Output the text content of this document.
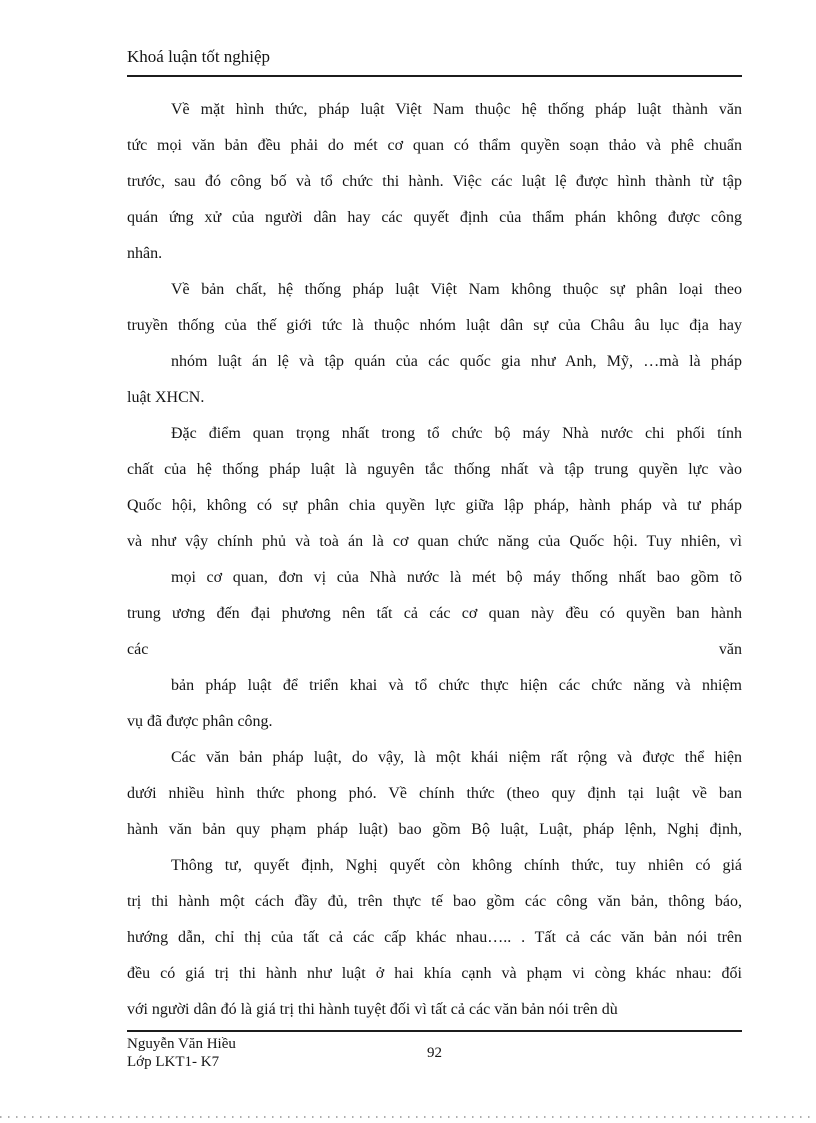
Khoá luận tốt nghiệp
Về mặt hình thức, pháp luật Việt Nam thuộc hệ thống pháp luật thành văn
tức mọi văn bản đều phải do mét cơ quan có thẩm quyền soạn thảo và phê chuẩn
trước, sau đó công bố và tổ chức thi hành. Việc các luật lệ được hình thành từ tập
quán ứng xử của người dân hay các quyết định của thẩm phán không được công
nhân.
Về bản chất, hệ thống pháp luật Việt Nam không thuộc sự phân loại theo
truyền thống của thế giới tức là thuộc nhóm luật dân sự của Châu âu lục địa hay
nhóm luật án lệ và tập quán của các quốc gia như Anh, Mỹ, …mà là pháp
luật XHCN.
Đặc điểm quan trọng nhất trong tổ chức bộ máy Nhà nước chi phối tính
chất của hệ thống pháp luật là nguyên tắc thống nhất và tập trung quyền lực vào
Quốc hội, không có sự phân chia quyền lực giữa lập pháp, hành pháp và tư pháp
và như vậy chính phủ và toà án là cơ quan chức năng của Quốc hội. Tuy nhiên, vì
mọi cơ quan, đơn vị của Nhà nước là mét bộ máy thống nhất bao gồm tõ
trung ương đến đại phương nên tất cả các cơ quan này đều có quyền ban hành
các văn
bản pháp luật để triển khai và tổ chức thực hiện các chức năng và nhiệm
vụ đã được phân công.
Các văn bản pháp luật, do vậy, là một khái niệm rất rộng và được thể hiện
dưới nhiều hình thức phong phó. Về chính thức (theo quy định tại luật về ban
hành văn bản quy phạm pháp luật) bao gồm Bộ luật, Luật, pháp lệnh, Nghị định,
Thông tư, quyết định, Nghị quyết còn không chính thức, tuy nhiên có giá
trị thi hành một cách đầy đủ, trên thực tế bao gồm các công văn bản, thông báo,
hướng dẫn, chỉ thị của tất cả các cấp khác nhau….. . Tất cả các văn bản nói trên
đều có giá trị thi hành như luật ở hai khía cạnh và phạm vi còng khác nhau: đối
với người dân đó là giá trị thi hành tuyệt đối vì tất cả các văn bản nói trên dù
Nguyễn Văn Hiều
Lớp LKT1- K7
92
